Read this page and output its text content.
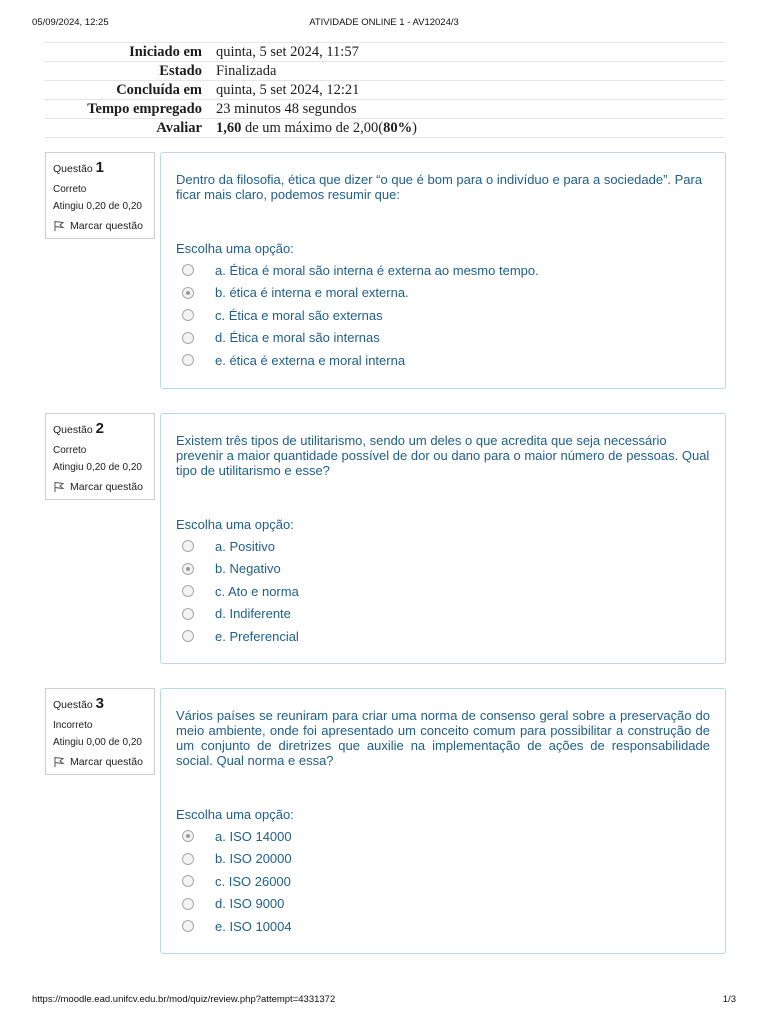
05/09/2024, 12:25	ATIVIDADE ONLINE 1 - AV12024/3
Iniciado em	quinta, 5 set 2024, 11:57
Estado	Finalizada
Concluída em	quinta, 5 set 2024, 12:21
Tempo empregado	23 minutos 48 segundos
Avaliar	1,60 de um máximo de 2,00(80%)
Questão 1
Correto
Atingiu 0,20 de 0,20
Marcar questão
Dentro da filosofia, ética que dizer “o que é bom para o indivíduo e para a sociedade”. Para ficar mais claro, podemos resumir que:
Escolha uma opção:
a. Ética é moral são interna é externa ao mesmo tempo.
b. ética é interna e moral externa.
c. Ética e moral são externas
d. Ética e moral são internas
e. ética é externa e moral interna
Questão 2
Correto
Atingiu 0,20 de 0,20
Marcar questão
Existem três tipos de utilitarismo, sendo um deles o que acredita que seja necessário prevenir a maior quantidade possível de dor ou dano para o maior número de pessoas. Qual tipo de utilitarismo e esse?
Escolha uma opção:
a. Positivo
b. Negativo
c. Ato e norma
d. Indiferente
e. Preferencial
Questão 3
Incorreto
Atingiu 0,00 de 0,20
Marcar questão
Vários países se reuniram para criar uma norma de consenso geral sobre a preservação do meio ambiente, onde foi apresentado um conceito comum para possibilitar a construção de um conjunto de diretrizes que auxilie na implementação de ações de responsabilidade social. Qual norma e essa?
Escolha uma opção:
a. ISO 14000
b. ISO 20000
c. ISO 26000
d. ISO 9000
e. ISO 10004
https://moodle.ead.unifcv.edu.br/mod/quiz/review.php?attempt=4331372	1/3
